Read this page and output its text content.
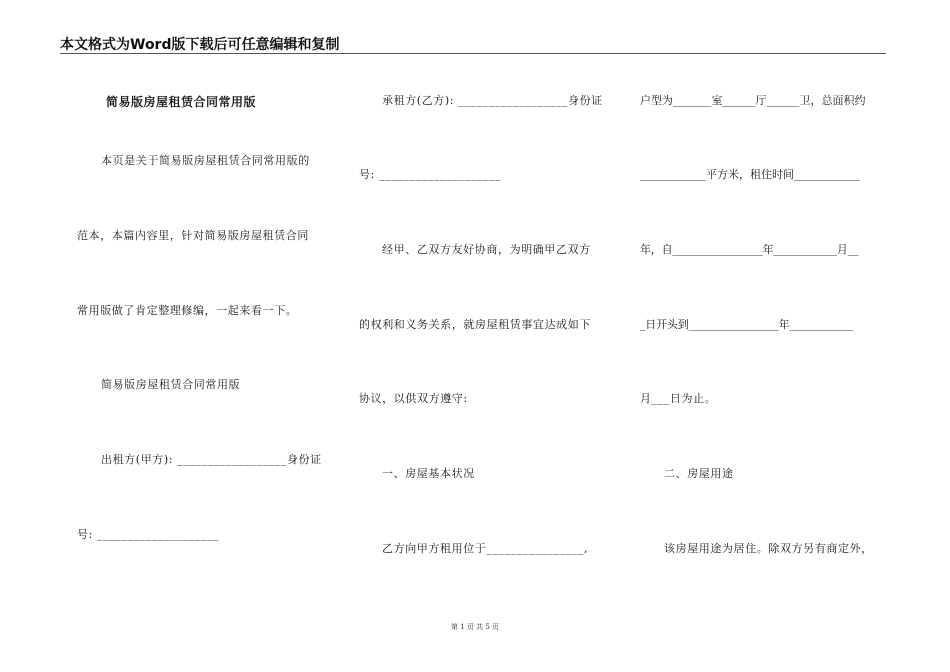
本文格式为Word版下载后可任意编辑和复制
简易版房屋租赁合同常用版
本页是关于简易版房屋租赁合同常用版的
范本，本篇内容里，针对简易版房屋租赁合同
常用版做了肯定整理修编，一起来看一下。
简易版房屋租赁合同常用版
出租方(甲方): __________________身份证
号: ____________________
承租方(乙方): __________________身份证
号: ____________________
经甲、乙双方友好协商，为明确甲乙双方
的权利和义务关系，就房屋租赁事宜达成如下
协议，以供双方遵守:
一、房屋基本状况
乙方向甲方租用位于________________,
户型为_______室______厅______卫，总面积约
____________平方米，租住时间____________
年，自_________________年____________月__
_日开头到_________________年____________
月___日为止。
二、房屋用途
该房屋用途为居住。除双方另有商定外，
第 1 页 共 5 页
